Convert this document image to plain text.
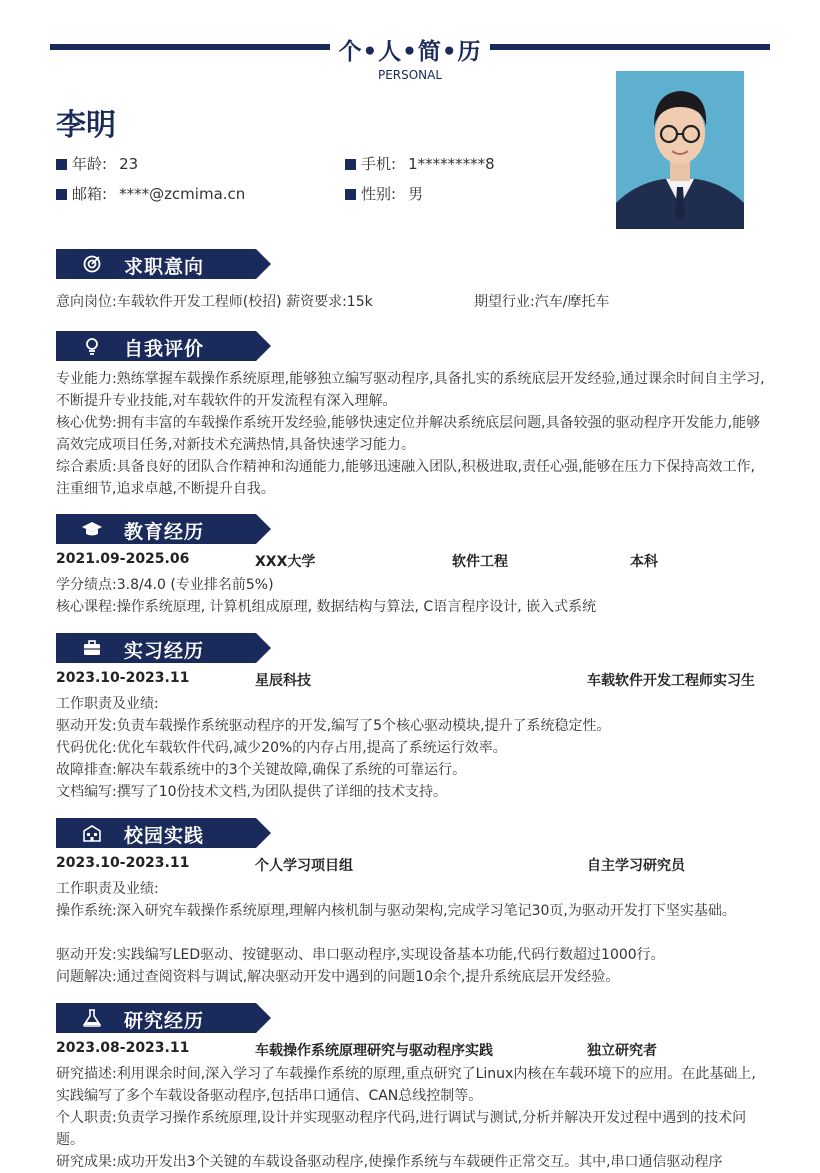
个•人•简•历
PERSONAL
李明
年龄: 23	手机: 1*********8
邮箱: ****@zcmima.cn	性别: 男
求职意向
意向岗位:车载软件开发工程师(校招) 薪资要求:15k	期望行业:汽车/摩托车
自我评价
专业能力:熟练掌握车载操作系统原理,能够独立编写驱动程序,具备扎实的系统底层开发经验,通过课余时间自主学习,不断提升专业技能,对车载软件的开发流程有深入理解。
核心优势:拥有丰富的车载操作系统开发经验,能够快速定位并解决系统底层问题,具备较强的驱动程序开发能力,能够高效完成项目任务,对新技术充满热情,具备快速学习能力。
综合素质:具备良好的团队合作精神和沟通能力,能够迅速融入团队,积极进取,责任心强,能够在压力下保持高效工作,注重细节,追求卓越,不断提升自我。
教育经历
2021.09-2025.06	XXX大学	软件工程	本科
学分绩点:3.8/4.0 (专业排名前5%)
核心课程:操作系统原理, 计算机组成原理, 数据结构与算法, C语言程序设计, 嵌入式系统
实习经历
2023.10-2023.11	星辰科技	车载软件开发工程师实习生
工作职责及业绩:
驱动开发:负责车载操作系统驱动程序的开发,编写了5个核心驱动模块,提升了系统稳定性。
代码优化:优化车载软件代码,减少20%的内存占用,提高了系统运行效率。
故障排查:解决车载系统中的3个关键故障,确保了系统的可靠运行。
文档编写:撰写了10份技术文档,为团队提供了详细的技术支持。
校园实践
2023.10-2023.11	个人学习项目组	自主学习研究员
工作职责及业绩:
操作系统:深入研究车载操作系统原理,理解内核机制与驱动架构,完成学习笔记30页,为驱动开发打下坚实基础。
驱动开发:实践编写LED驱动、按键驱动、串口驱动程序,实现设备基本功能,代码行数超过1000行。
问题解决:通过查阅资料与调试,解决驱动开发中遇到的问题10余个,提升系统底层开发经验。
研究经历
2023.08-2023.11	车载操作系统原理研究与驱动程序实践	独立研究者
研究描述:利用课余时间,深入学习了车载操作系统的原理,重点研究了Linux内核在车载环境下的应用。在此基础上,实践编写了多个车载设备驱动程序,包括串口通信、CAN总线控制等。
个人职责:负责学习操作系统原理,设计并实现驱动程序代码,进行调试与测试,分析并解决开发过程中遇到的技术问题。
研究成果:成功开发出3个关键的车载设备驱动程序,使操作系统与车载硬件正常交互。其中,串口通信驱动程序
